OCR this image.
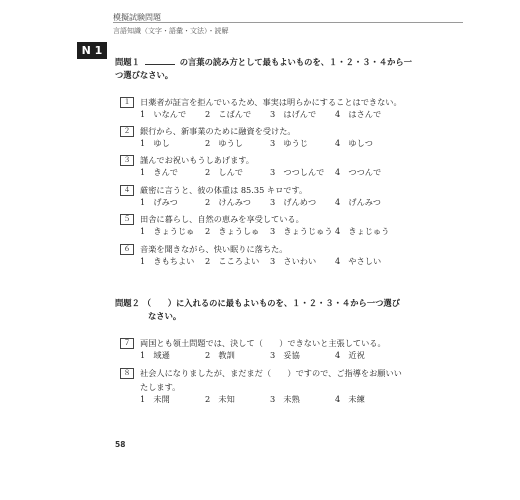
模擬試験問題
言語知識（文字・語彙・文法）・読解
N 1
問題１	の言葉の読み方として最もよいものを、１・２・３・４から一
つ選びなさい。
１	日薬者が証言を拒んでいるため、事実は明らかにすることはできない。
1　いなんで 2　こばんで 3　はげんで 4　はさんで
２	銀行から、新事業のために融資を受けた。
1　ゆし	2　ゆうし	3　ゆうじ	4　ゆしつ
３	謹んでお祝いもうしあげます。
1　きんで	2　しんで	3　つつしんで 4　つつんで
４	厳密に言うと、彼の体重は 85.35 キロです。
1　げみつ	2　けんみつ 3　げんめつ 4　げんみつ
５	田舎に暮らし、自然の恵みを享受している。
1　きょうじゅ 2　きょうしゅ 3　きょうじゅう 4　きょじゅう
６	音楽を聞きながら、快い眠りに落ちた。
1　きもちよい 2　こころよい 3　さいわい 4　やさしい
問題２ （　　）に入れるのに最もよいものを、１・２・３・４から一つ選び
なさい。
７	両国とも領土問題では、決して（　　）できないと主張している。
1　域遜	2　教訓	3　妥協	4　近祝
８	社会人になりましたが、まだまだ（　　）ですので、ご指導をお願いい
たします。
1　未開	2　未知	3　未熟	4　未練
58
